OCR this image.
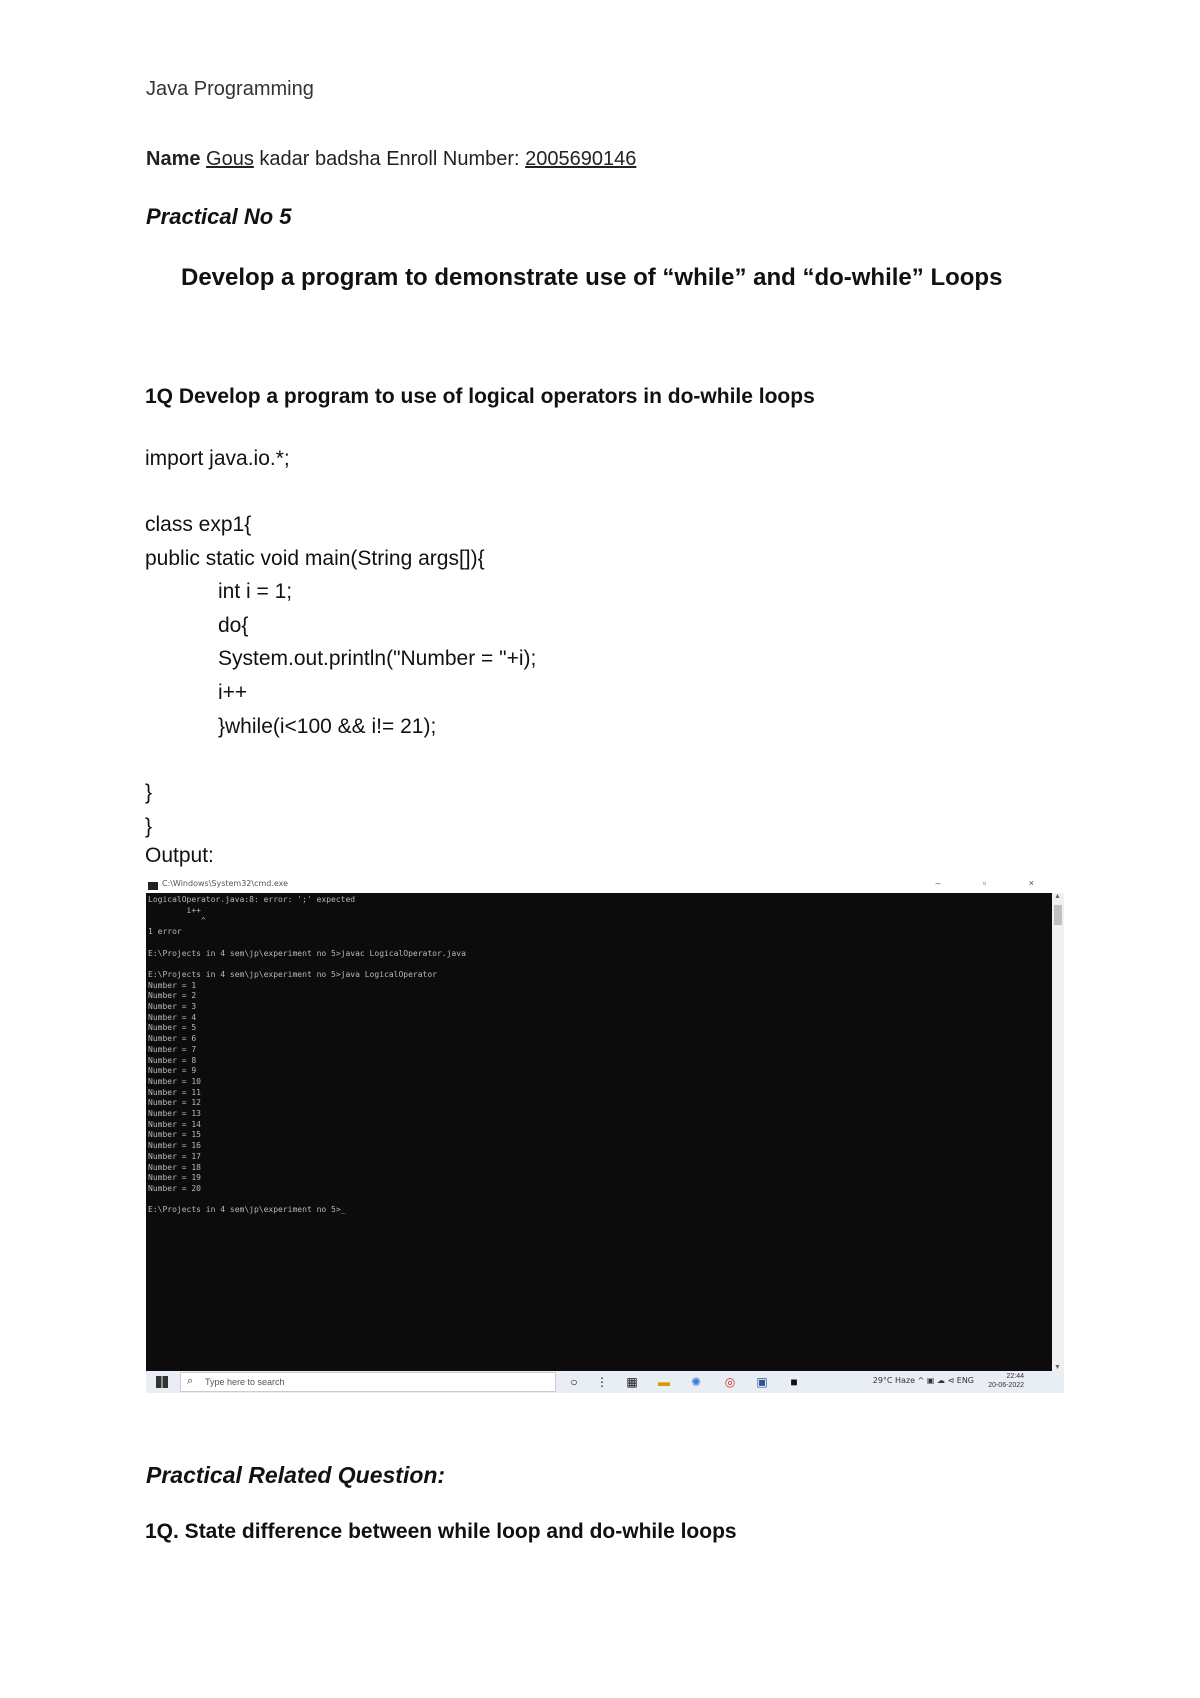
Java Programming
Name Gous kadar badsha Enroll Number: 2005690146
Practical No 5
Develop a program to demonstrate use of “while” and “do-while” Loops
1Q Develop a program to use of logical operators in do-while loops
import java.io.*;
class exp1{
public static void main(String args[]){
int i = 1;
do{
System.out.println("Number = "+i);
i++
}while(i<100 && i!= 21);
}
}
Output:
C:\Windows\System32\cmd.exe	– ▫ ×
LogicalOperator.java:8: error: ';' expected
i++
^
1 error

E:\Projects in 4 sem\jp\experiment no 5>javac LogicalOperator.java

E:\Projects in 4 sem\jp\experiment no 5>java LogicalOperator
Number = 1
Number = 2
Number = 3
Number = 4
Number = 5
Number = 6
Number = 7
Number = 8
Number = 9
Number = 10
Number = 11
Number = 12
Number = 13
Number = 14
Number = 15
Number = 16
Number = 17
Number = 18
Number = 19
Number = 20

E:\Projects in 4 sem\jp\experiment no 5>_
▲
▼
⌕ Type here to search	○	⋮ ▦ ▬ ✺ ◎ ▣	■	29°C Haze ^ ▣ ☁ ⊲ ENG	22:44
20-06-2022
Practical Related Question:
1Q. State difference between while loop and do-while loops
